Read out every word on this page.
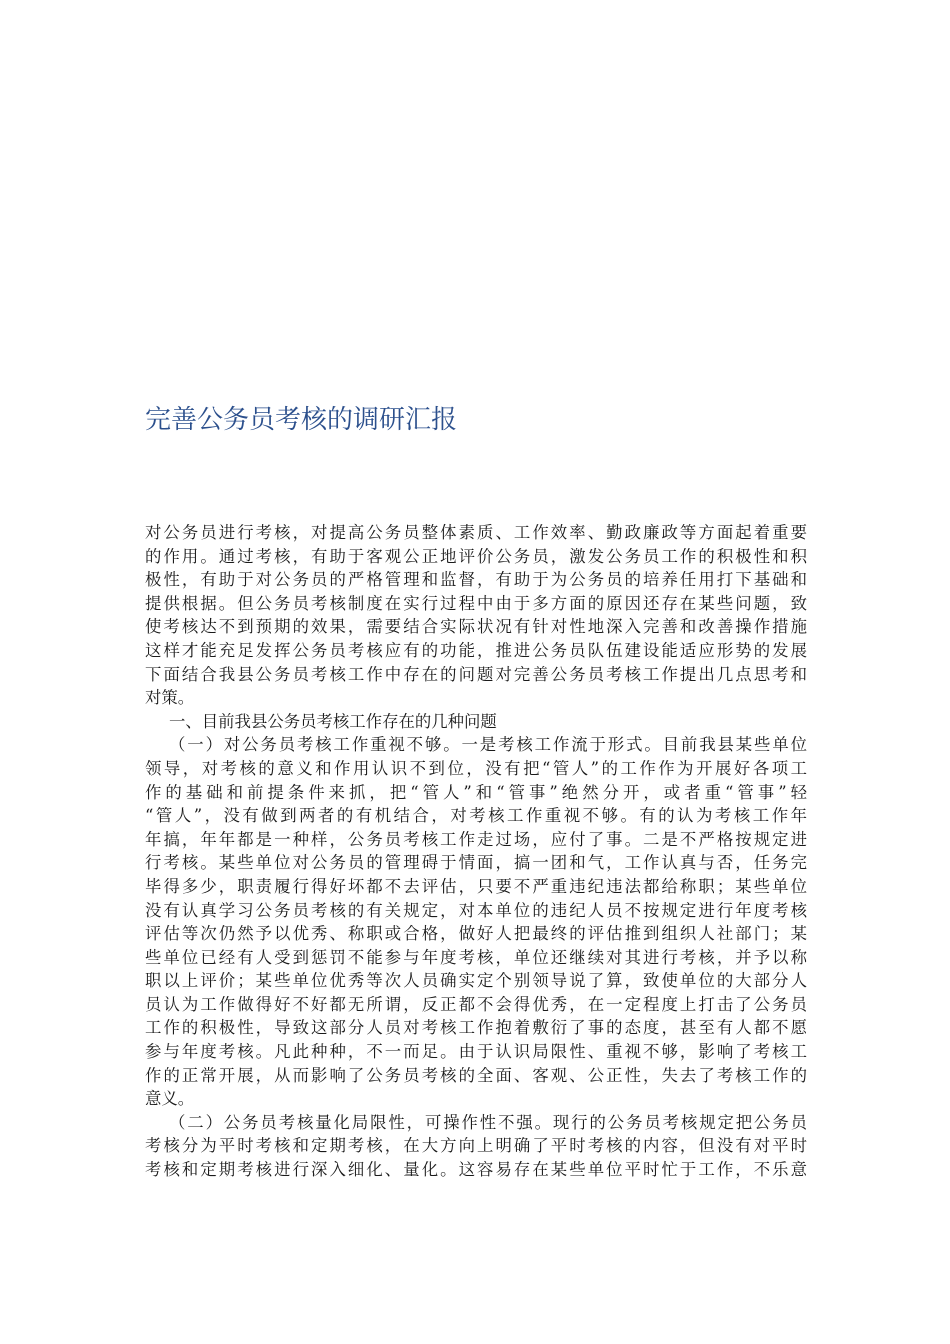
完善公务员考核的调研汇报
对公务员进行考核，对提高公务员整体素质、工作效率、勤政廉政等方面起着重要
的作用。通过考核，有助于客观公正地评价公务员，激发公务员工作的积极性和积
极性，有助于对公务员的严格管理和监督，有助于为公务员的培养任用打下基础和
提供根据。但公务员考核制度在实行过程中由于多方面的原因还存在某些问题，致
使考核达不到预期的效果，需要结合实际状况有针对性地深入完善和改善操作措施
这样才能充足发挥公务员考核应有的功能，推进公务员队伍建设能适应形势的发展
下面结合我县公务员考核工作中存在的问题对完善公务员考核工作提出几点思考和
对策。
一、目前我县公务员考核工作存在的几种问题
（一）对公务员考核工作重视不够。一是考核工作流于形式。目前我县某些单位
领导，对考核的意义和作用认识不到位，没有把“管人”的工作作为开展好各项工
作的基础和前提条件来抓，把“管人”和“管事”绝然分开，或者重“管事”轻
“管人”，没有做到两者的有机结合，对考核工作重视不够。有的认为考核工作年
年搞，年年都是一种样，公务员考核工作走过场，应付了事。二是不严格按规定进
行考核。某些单位对公务员的管理碍于情面，搞一团和气，工作认真与否，任务完
毕得多少，职责履行得好坏都不去评估，只要不严重违纪违法都给称职；某些单位
没有认真学习公务员考核的有关规定，对本单位的违纪人员不按规定进行年度考核
评估等次仍然予以优秀、称职或合格，做好人把最终的评估推到组织人社部门；某
些单位已经有人受到惩罚不能参与年度考核，单位还继续对其进行考核，并予以称
职以上评价；某些单位优秀等次人员确实定个别领导说了算，致使单位的大部分人
员认为工作做得好不好都无所谓，反正都不会得优秀，在一定程度上打击了公务员
工作的积极性，导致这部分人员对考核工作抱着敷衍了事的态度，甚至有人都不愿
参与年度考核。凡此种种，不一而足。由于认识局限性、重视不够，影响了考核工
作的正常开展，从而影响了公务员考核的全面、客观、公正性，失去了考核工作的
意义。
（二）公务员考核量化局限性，可操作性不强。现行的公务员考核规定把公务员
考核分为平时考核和定期考核，在大方向上明确了平时考核的内容，但没有对平时
考核和定期考核进行深入细化、量化。这容易存在某些单位平时忙于工作，不乐意
